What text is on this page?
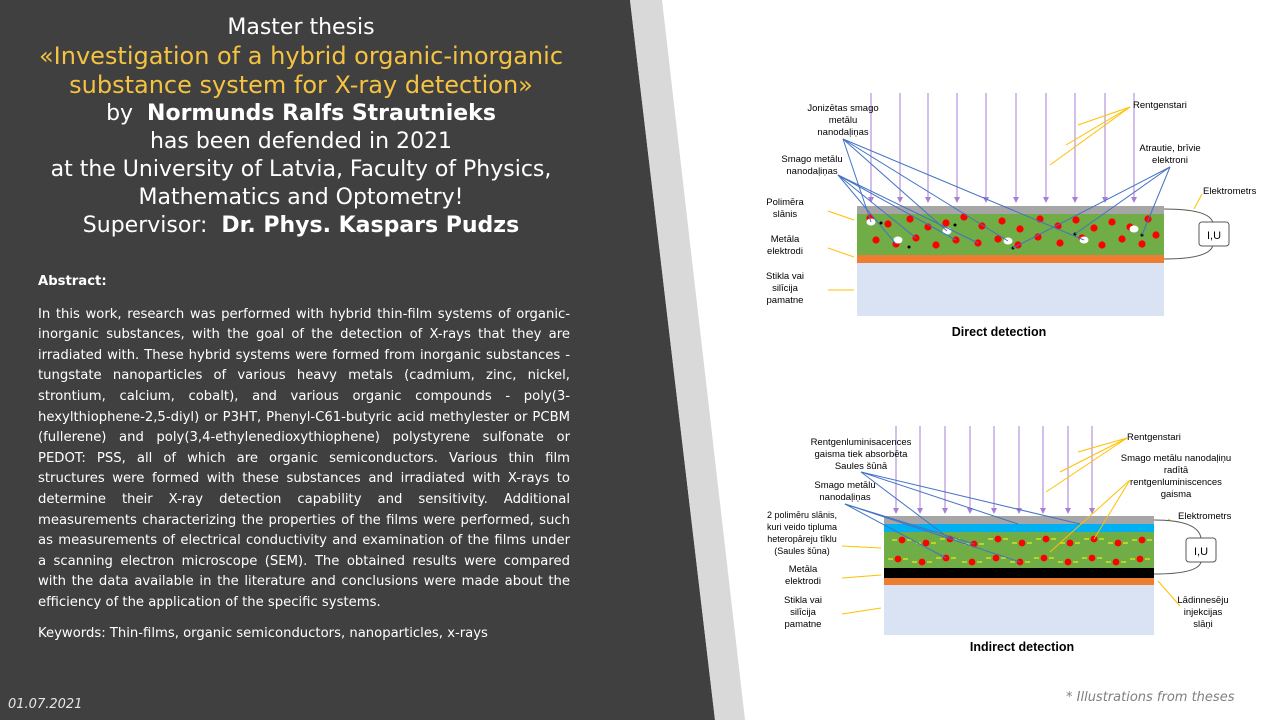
Master thesis
«Investigation of a hybrid organic-inorganic
substance system for X-ray detection»
by Normunds Ralfs Strautnieks
has been defended in 2021
at the University of Latvia, Faculty of Physics,
Mathematics and Optometry!
Supervisor: Dr. Phys. Kaspars Pudzs
Abstract:
In this work, research was performed with hybrid thin-film systems of organic-inorganic substances, with the goal of the detection of X-rays that they are irradiated with. These hybrid systems were formed from inorganic substances - tungstate nanoparticles of various heavy metals (cadmium, zinc, nickel, strontium, calcium, cobalt), and various organic compounds - poly(3-hexylthiophene-2,5-diyl) or P3HT, Phenyl-C61-butyric acid methylester or PCBM (fullerene) and poly(3,4-ethylenedioxythiophene) polystyrene sulfonate or PEDOT: PSS, all of which are organic semiconductors. Various thin film structures were formed with these substances and irradiated with X-rays to determine their X-ray detection capability and sensitivity. Additional measurements characterizing the properties of the films were performed, such as measurements of electrical conductivity and examination of the films under a scanning electron microscope (SEM). The obtained results were compared with the data available in the literature and conclusions were made about the efficiency of the application of the specific systems.
Keywords: Thin-films, organic semiconductors, nanoparticles, x-rays
01.07.2021	* Illustrations from theses
I,U
Jonizētas smago
metālu
nanodaļiņas
Rentgenstari
Smago metālu
nanodaļiņas
Atrautie, brīvie
elektroni
Elektrometrs
Polimēra
slānis
Metāla
elektrodi
Stikla vai
silīcija
pamatne
Direct detection
I,U
Rentgenluminisacences
gaisma tiek absorbēta
Saules šūnā
Rentgenstari
Smago metālu nanodaļiņu
radītā
rentgenluminiscences
gaisma
Smago metālu
nanodaļiņas
2 polimēru slānis,
kuri veido tipluma
heteropāreju tīklu
(Saules šūna)
Elektrometrs
Metāla
elektrodi
Stikla vai
silīcija
pamatne
Lādinnesēju
injekcijas
slāņi
Indirect detection
